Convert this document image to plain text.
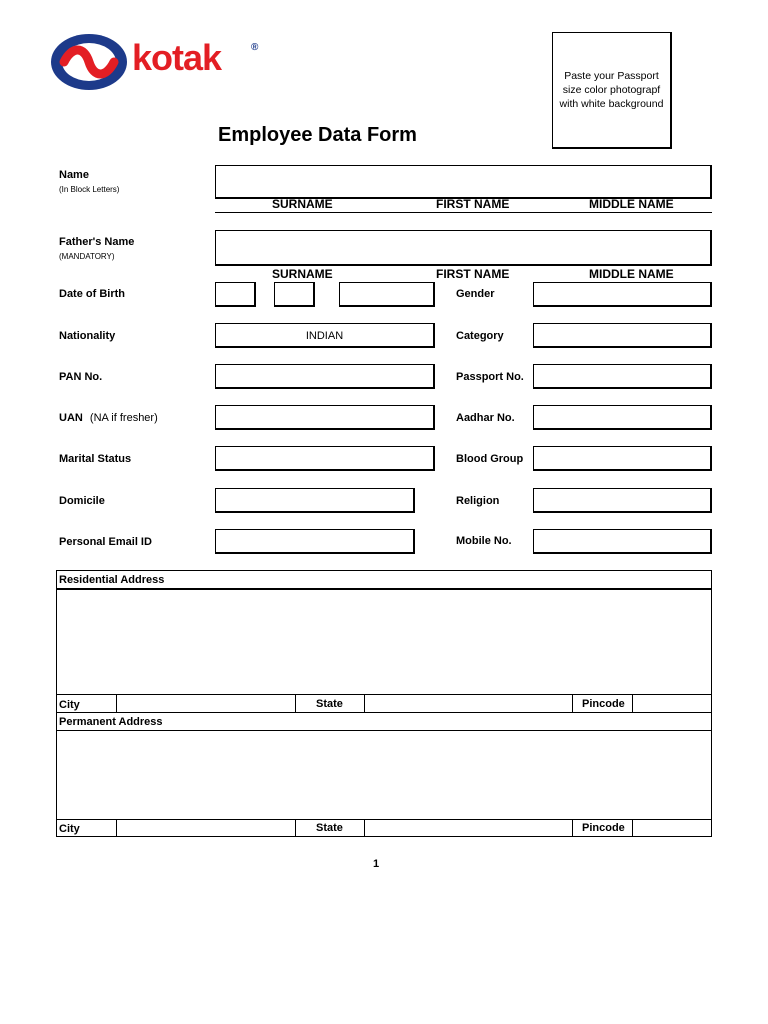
kotak	®
Employee Data Form
Paste your Passport size color photograpf with white background
Name
(In Block Letters)
SURNAME	FIRST NAME	MIDDLE NAME
Father's Name
(MANDATORY)
SURNAME	FIRST NAME	MIDDLE NAME
Date of Birth	Gender
Nationality	INDIAN	Category
PAN No.	Passport No.
UAN (NA if fresher)	Aadhar No.
Marital Status	Blood Group
Domicile	Religion
Personal Email ID	Mobile No.
Residential Address
City	State	Pincode
Permanent Address
City	State	Pincode
1
